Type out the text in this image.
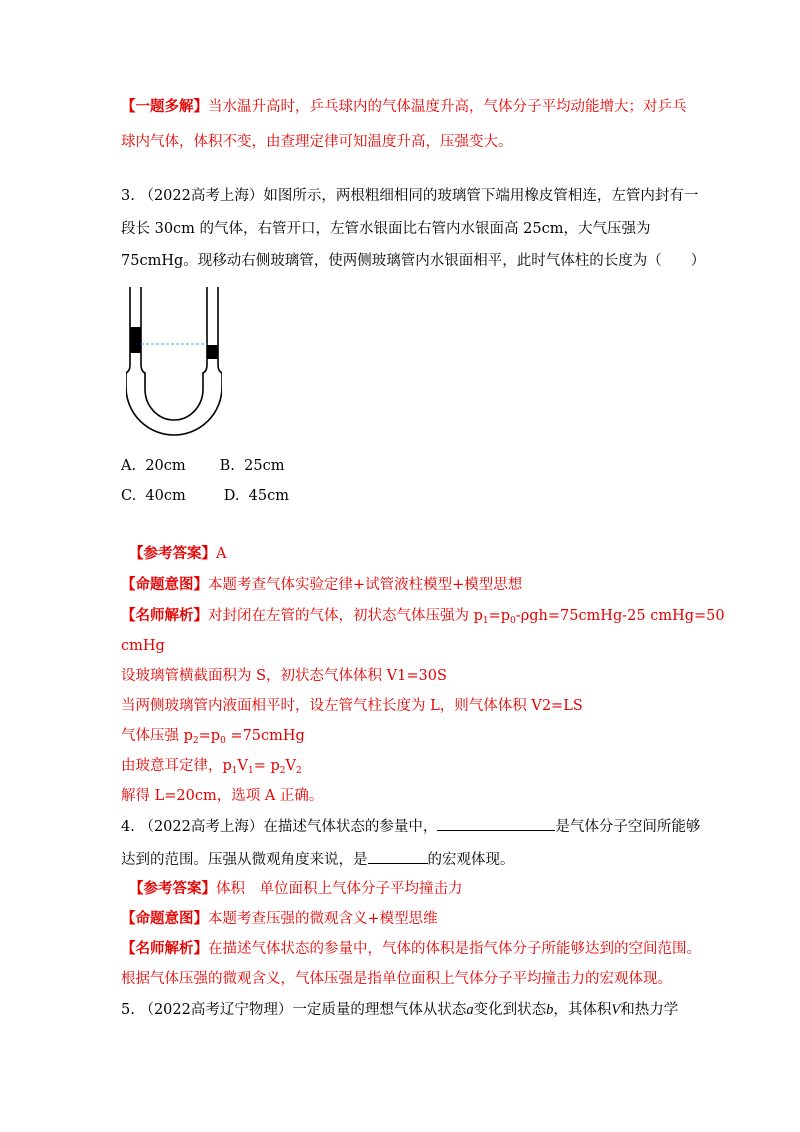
【一题多解】当水温升高时，乒乓球内的气体温度升高，气体分子平均动能增大；对乒乓
球内气体，体积不变，由查理定律可知温度升高，压强变大。
3. （2022高考上海）如图所示，两根粗细相同的玻璃管下端用橡皮管相连，左管内封有一
段长 30cm 的气体，右管开口，左管水银面比右管内水银面高 25cm，大气压强为
75cmHg。现移动右侧玻璃管，使两侧玻璃管内水银面相平，此时气体柱的长度为（　　）
A. 20cm B. 25cm
C. 40cm	D. 45cm
【参考答案】A
【命题意图】本题考查气体实验定律+试管液柱模型+模型思想
【名师解析】对封闭在左管的气体，初状态气体压强为 $p_1=p_0-\rho gh=75cmHg-25$ cmHg=50
cmHg
设玻璃管横截面积为 S，初状态气体体积 V1=30S
当两侧玻璃管内液面相平时，设左管气柱长度为 L，则气体体积 V2=LS
气体压强 $p_2=p_0$ =75cmHg
由玻意耳定律，$p_1V_1= p_2V_2$
解得 L=20cm，选项 A 正确。
4. （2022高考上海）在描述气体状态的参量中，	是气体分子空间所能够
达到的范围。压强从微观角度来说，是	的宏观体现。
【参考答案】体积　单位面积上气体分子平均撞击力
【命题意图】本题考查压强的微观含义+模型思维
【名师解析】在描述气体状态的参量中，气体的体积是指气体分子所能够达到的空间范围。
根据气体压强的微观含义，气体压强是指单位面积上气体分子平均撞击力的宏观体现。
5. （2022高考辽宁物理）一定质量的理想气体从状态a变化到状态b，其体积V和热力学
